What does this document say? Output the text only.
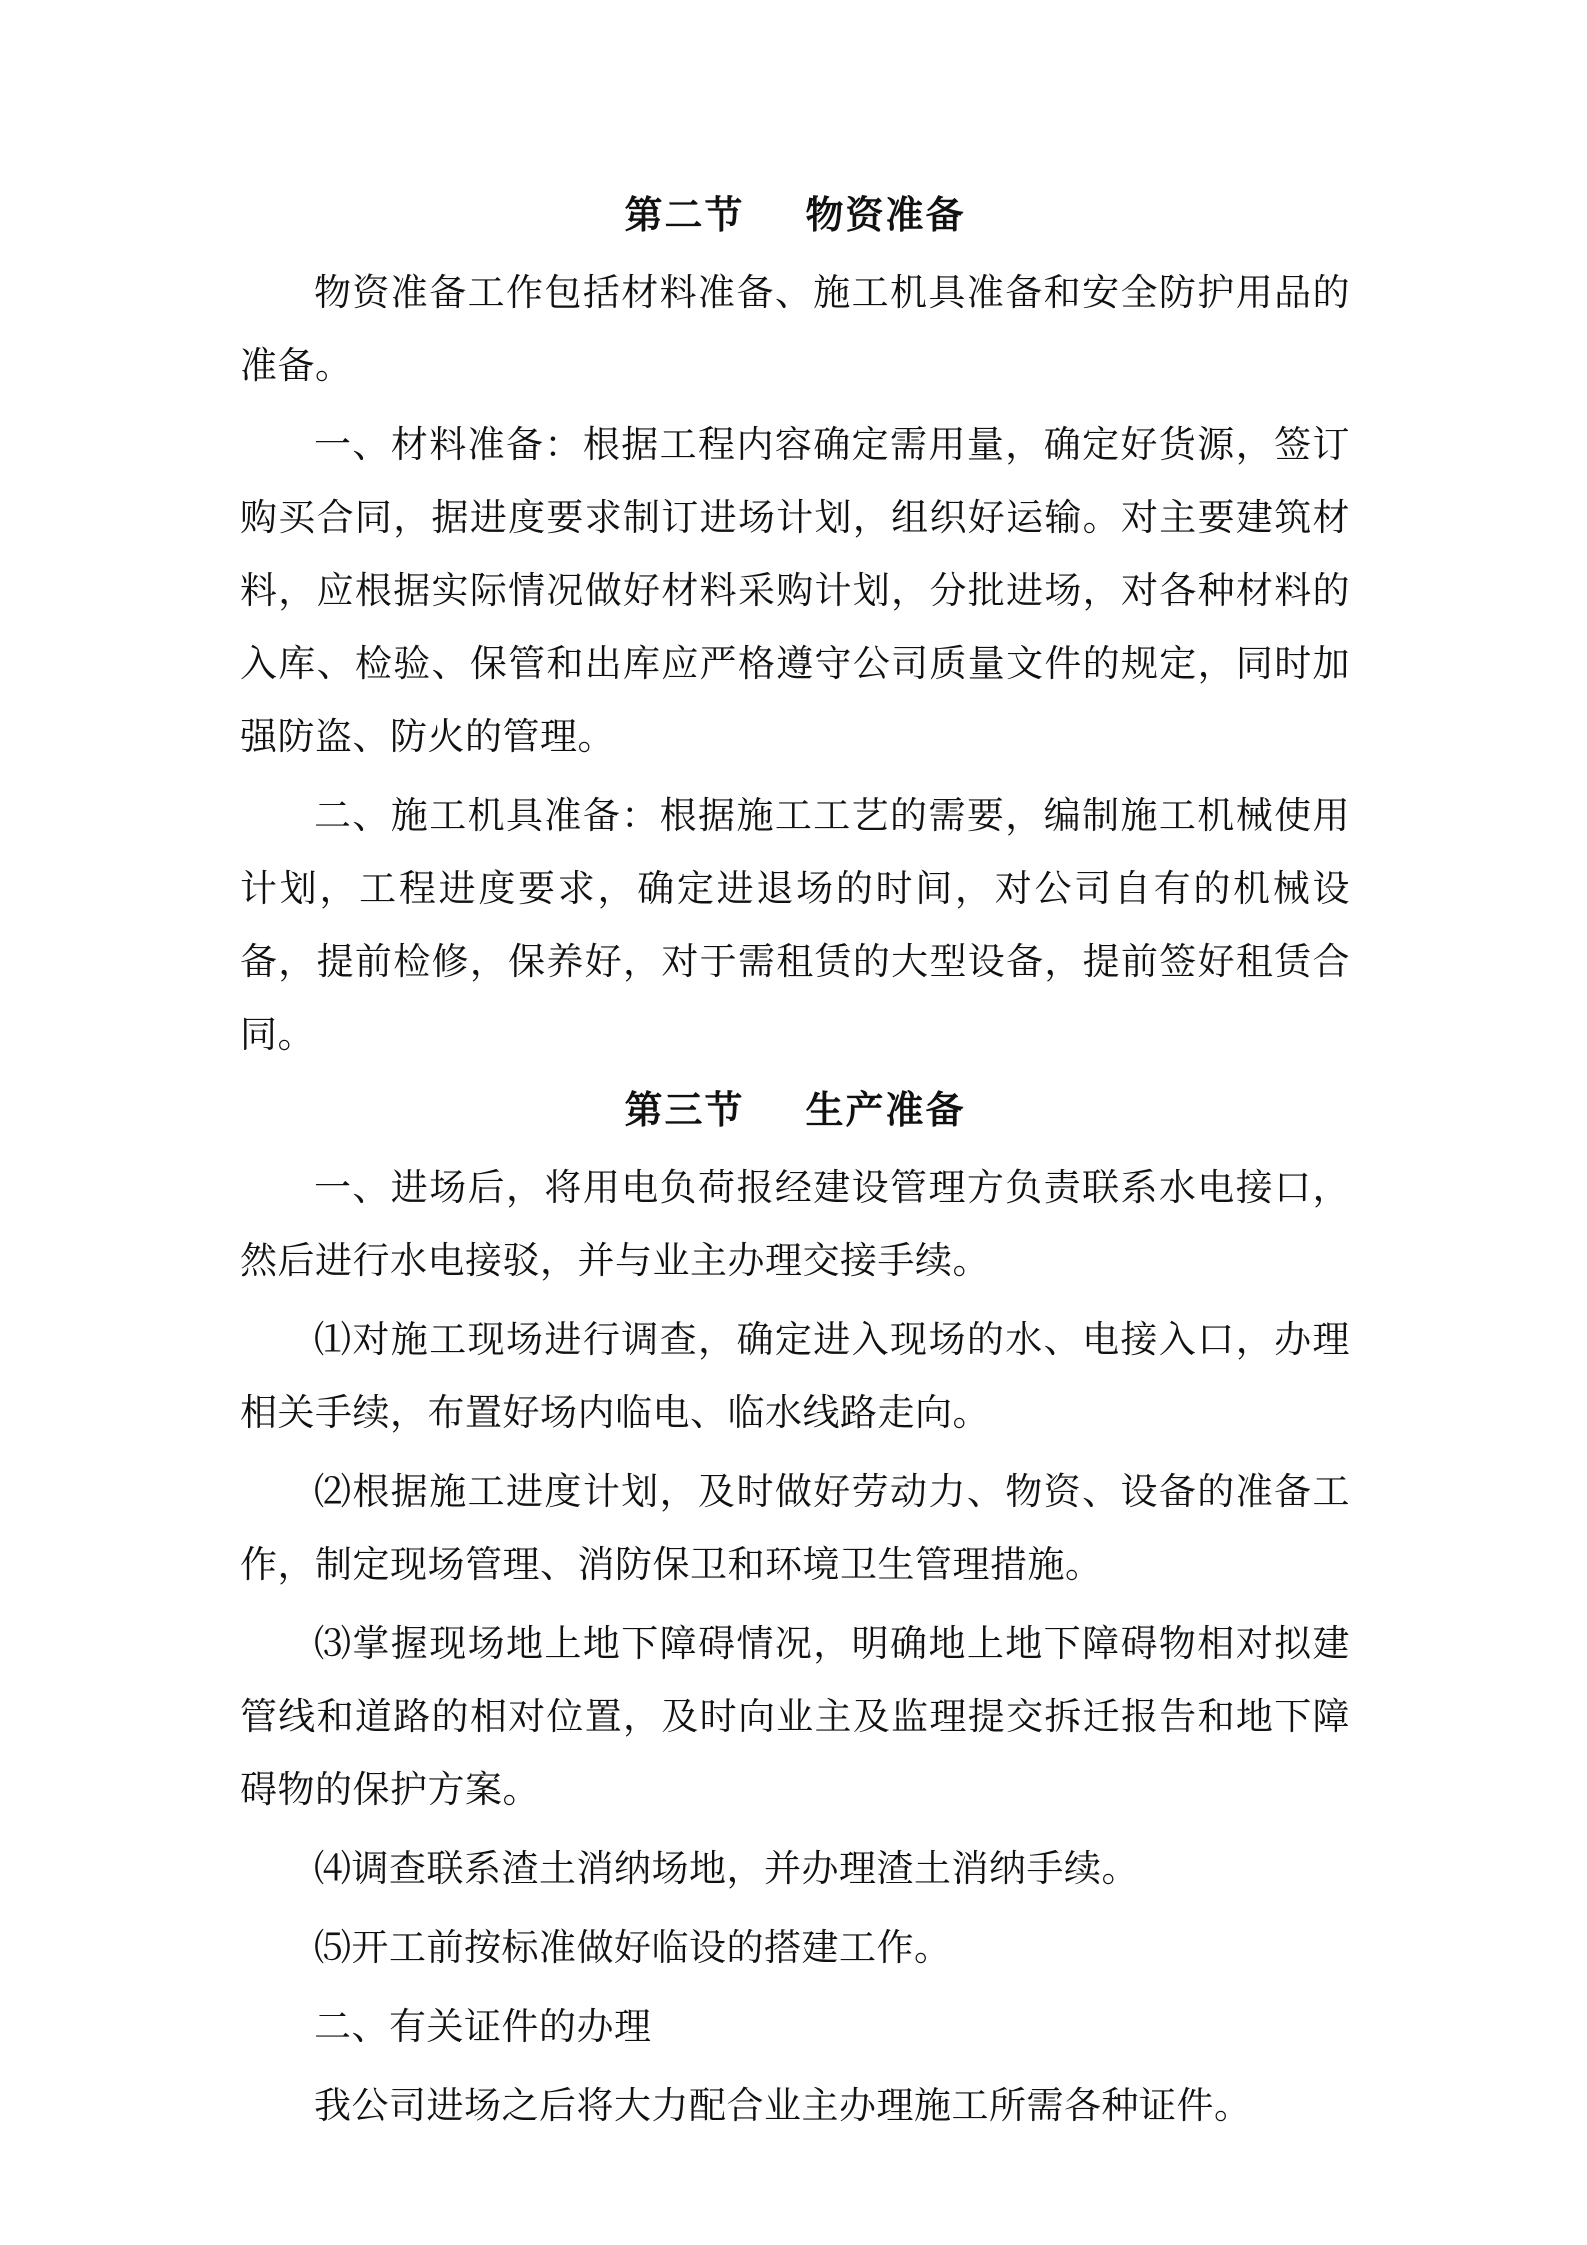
第二节    物资准备

物资准备工作包括材料准备、施工机具准备和安全防护用品的准备。

一、材料准备：根据工程内容确定需用量，确定好货源，签订购买合同，据进度要求制订进场计划，组织好运输。对主要建筑材料，应根据实际情况做好材料采购计划，分批进场，对各种材料的入库、检验、保管和出库应严格遵守公司质量文件的规定，同时加强防盗、防火的管理。

二、施工机具准备：根据施工工艺的需要，编制施工机械使用计划，工程进度要求，确定进退场的时间，对公司自有的机械设备，提前检修，保养好，对于需租赁的大型设备，提前签好租赁合同。

第三节    生产准备

一、进场后，将用电负荷报经建设管理方负责联系水电接口，然后进行水电接驳，并与业主办理交接手续。

⑴对施工现场进行调查，确定进入现场的水、电接入口，办理相关手续，布置好场内临电、临水线路走向。

⑵根据施工进度计划，及时做好劳动力、物资、设备的准备工作，制定现场管理、消防保卫和环境卫生管理措施。

⑶掌握现场地上地下障碍情况，明确地上地下障碍物相对拟建管线和道路的相对位置，及时向业主及监理提交拆迁报告和地下障碍物的保护方案。

⑷调查联系渣土消纳场地，并办理渣土消纳手续。

⑸开工前按标准做好临设的搭建工作。

二、有关证件的办理

我公司进场之后将大力配合业主办理施工所需各种证件。
